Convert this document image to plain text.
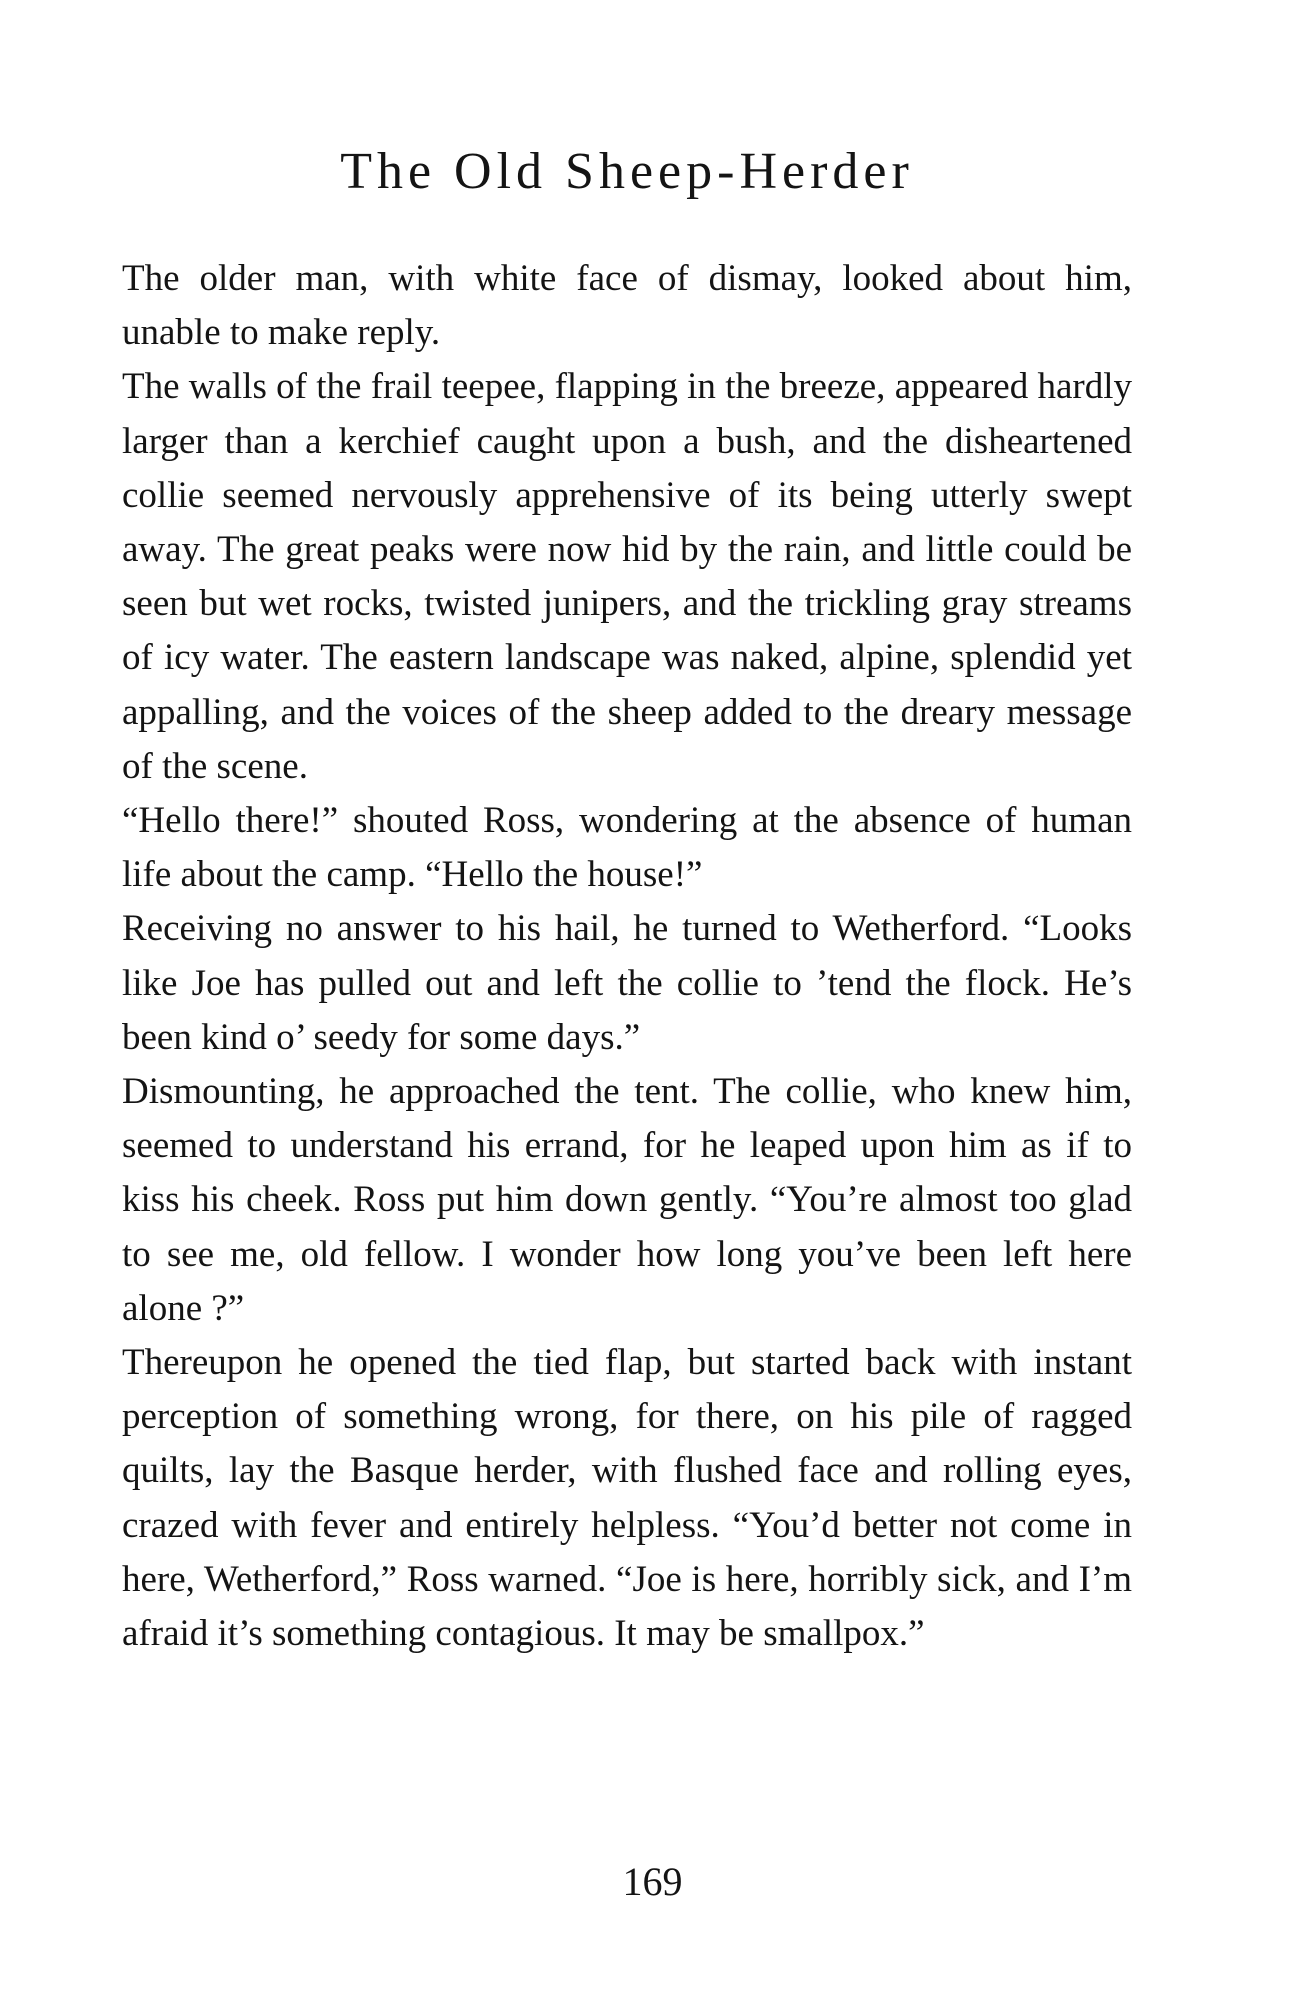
The Old Sheep-Herder

The older man, with white face of dismay, looked about him, unable to make reply.

The walls of the frail teepee, flapping in the breeze, appeared hardly larger than a kerchief caught upon a bush, and the disheartened collie seemed nervously apprehensive of its being utterly swept away. The great peaks were now hid by the rain, and little could be seen but wet rocks, twisted junipers, and the trickling gray streams of icy water. The eastern landscape was naked, alpine, splendid yet appalling, and the voices of the sheep added to the dreary message of the scene.

“Hello there!” shouted Ross, wondering at the absence of human life about the camp. “Hello the house!”

Receiving no answer to his hail, he turned to Wetherford. “Looks like Joe has pulled out and left the collie to ’tend the flock. He’s been kind o’ seedy for some days.”

Dismounting, he approached the tent. The collie, who knew him, seemed to understand his errand, for he leaped upon him as if to kiss his cheek. Ross put him down gently. “You’re almost too glad to see me, old fellow. I wonder how long you’ve been left here alone ?”

Thereupon he opened the tied flap, but started back with instant perception of something wrong, for there, on his pile of ragged quilts, lay the Basque herder, with flushed face and rolling eyes, crazed with fever and entirely helpless. “You’d better not come in here, Wetherford,” Ross warned. “Joe is here, horribly sick, and I’m afraid it’s something contagious. It may be smallpox.”

169
